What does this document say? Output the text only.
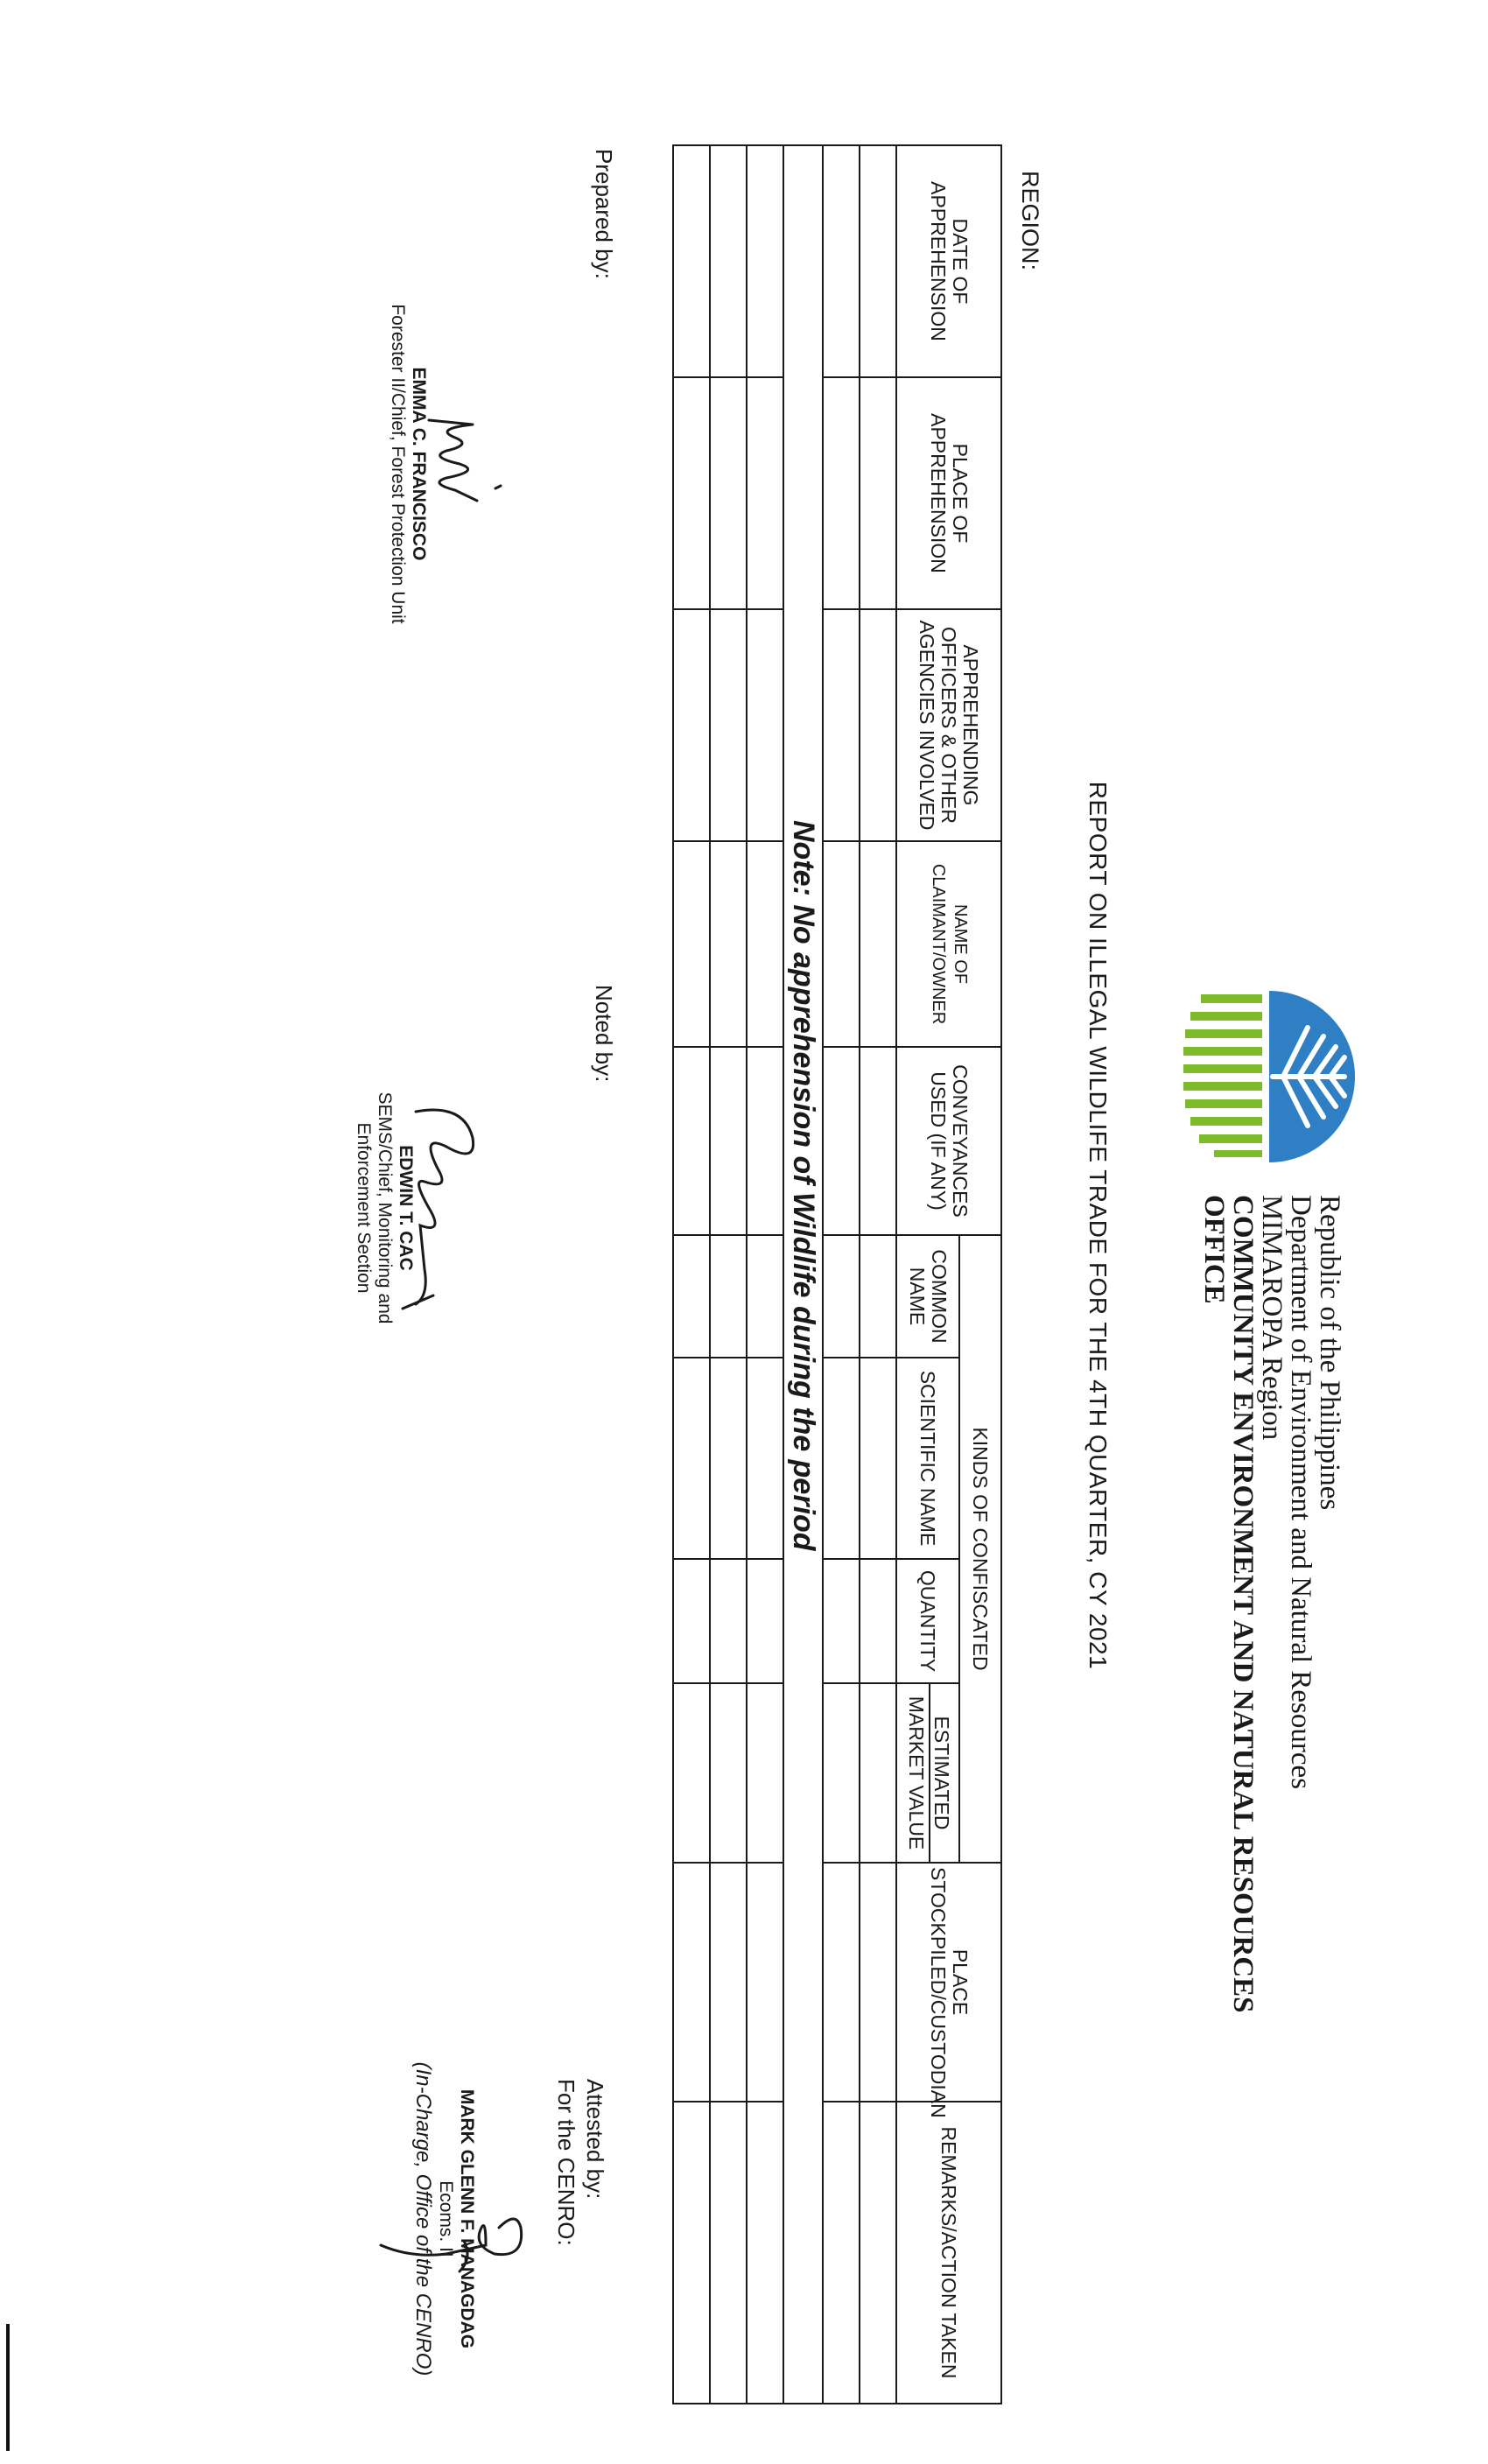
Republic of the Philippines
Department of Environment and Natural Resources
MIMAROPA Region
COMMUNITY ENVIRONMENT AND NATURAL RESOURCES
OFFICE
REPORT ON ILLEGAL WILDLIFE TRADE FOR THE 4TH QUARTER, CY 2021
REGION:
DATE OF APPREHENSION	PLACE OF APPREHENSION	APPREHENDING OFFICERS & OTHER AGENCIES INVOLVED	NAME OF CLAIMANT/OWNER	CONVEYANCES USED (IF ANY)	KINDS OF CONFISCATED				PLACE STOCKPILED/CUSTODIAN	REMARKS/ACTION TAKEN
					COMMON NAME	SCIENTIFIC NAME	QUANTITY	ESTIMATED
MARKET VALUE		

Note: No apprehension of Wildlife during the period										

Prepared by:
Noted by:
Attested by:
For the CENRO:
EMMA C. FRANCISCO
Forester II/Chief, Forest Protection Unit
EDWIN T. CAC
SEMS/Chief, Monitoring and
Enforcement Section
MARK GLENN F. MANAGDAG
Ecoms. II
(In-Charge, Office of the CENRO)
